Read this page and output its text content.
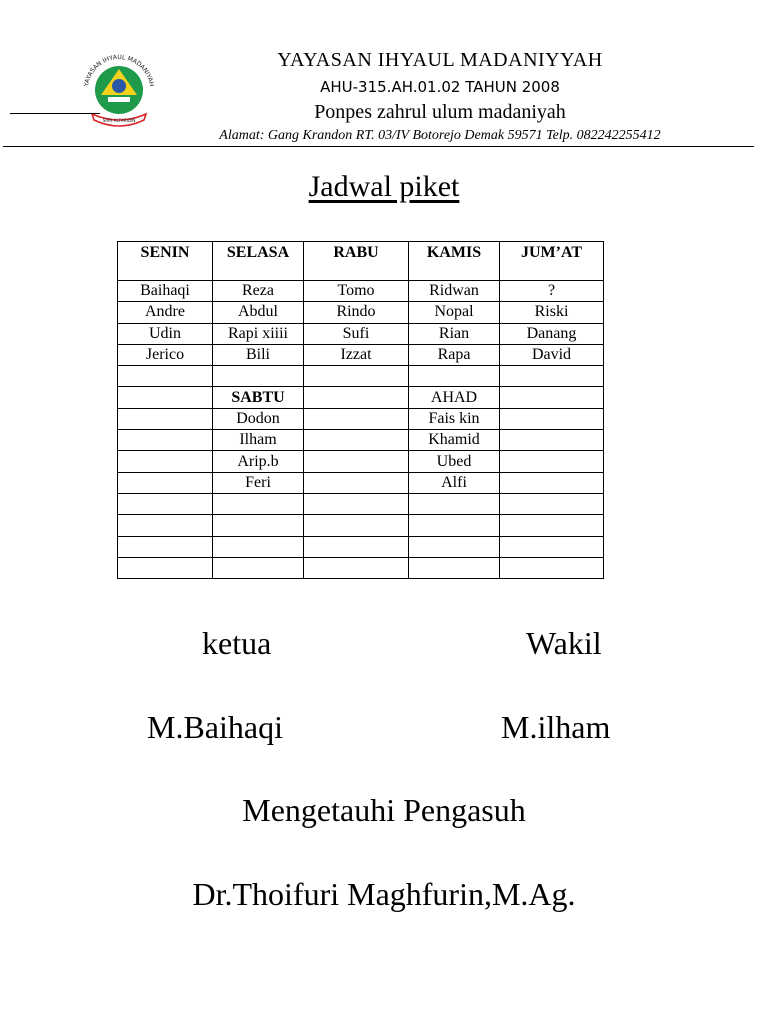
YAYASAN IHYAUL MADANIYAH
SIRR ALFARIDIN
YAYASAN IHYAUL MADANIYYAH
AHU-315.AH.01.02 TAHUN 2008
Ponpes zahrul ulum madaniyah
Alamat: Gang Krandon RT. 03/IV Botorejo Demak 59571 Telp. 082242255412
Jadwal piket
SENIN	SELASA	RABU	KAMIS	JUM’AT
Baihaqi	Reza	Tomo	Ridwan	?
Andre	Abdul	Rindo	Nopal	Riski
Udin	Rapi xiiii	Sufi	Rian	Danang
Jerico	Bili	Izzat	Rapa	David

	SABTU		AHAD	
	Dodon		Fais kin	
	Ilham		Khamid	
	Arip.b		Ubed	
	Feri		Alfi	

ketua	Wakil
M.Baihaqi	M.ilham
Mengetauhi Pengasuh
Dr.Thoifuri Maghfurin,M.Ag.
